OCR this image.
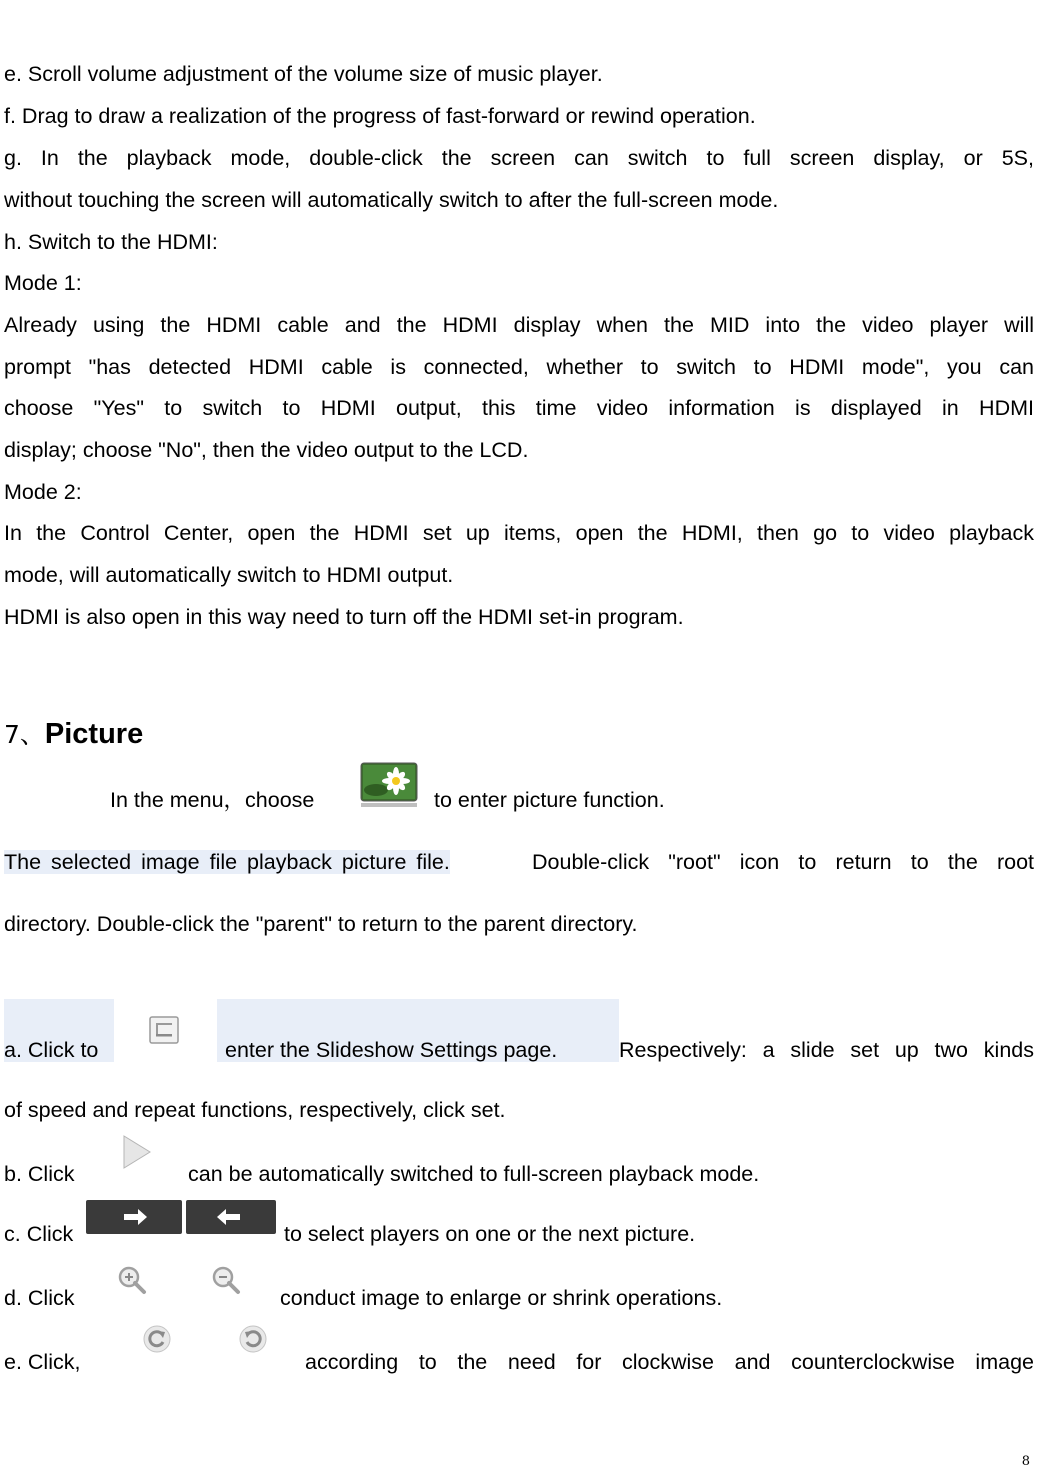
e. Scroll volume adjustment of the volume size of music player.
f. Drag to draw a realization of the progress of fast-forward or rewind operation.
g. In the playback mode, double-click the screen can switch to full screen display, or 5S,
without touching the screen will automatically switch to after the full-screen mode.
h. Switch to the HDMI:
Mode 1:
Already using the HDMI cable and the HDMI display when the MID into the video player will
prompt "has detected HDMI cable is connected, whether to switch to HDMI mode", you can
choose "Yes" to switch to HDMI output, this time video information is displayed in HDMI
display; choose "No", then the video output to the LCD.
Mode 2:
In the Control Center, open the HDMI set up items, open the HDMI, then go to video playback
mode, will automatically switch to HDMI output.
HDMI is also open in this way need to turn off the HDMI set-in program.
7、Picture
In the menu，choose	to enter picture function.
The selected image file playback picture file.	Double-click "root" icon to return to the root
directory. Double-click the "parent" to return to the parent directory.
a. Click to	enter the Slideshow Settings page.	Respectively: a slide set up two kinds
of speed and repeat functions, respectively, click set.
b. Click	can be automatically switched to full-screen playback mode.
c. Click	to select players on one or the next picture.
d. Click	conduct image to enlarge or shrink operations.
e. Click,	according to the need for clockwise and counterclockwise image
8
